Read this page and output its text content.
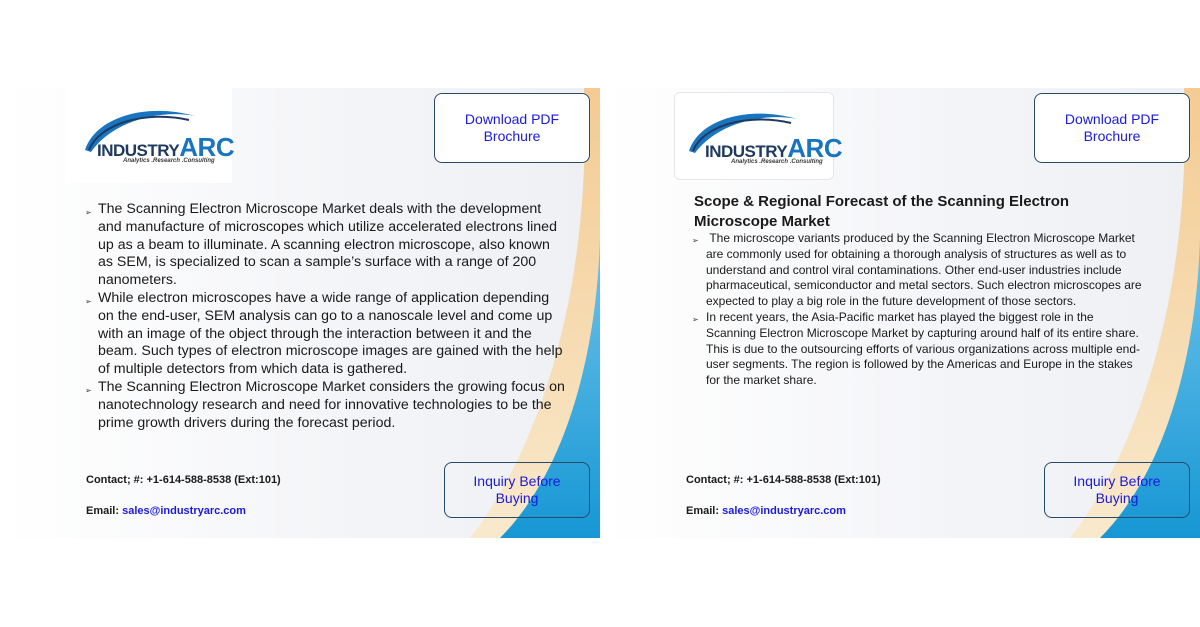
INDUSTRYARC
Analytics .Research .Consulting
Download PDF Brochure
➢ The Scanning Electron Microscope Market deals with the development and manufacture of microscopes which utilize accelerated electrons lined up as a beam to illuminate. A scanning electron microscope, also known as SEM, is specialized to scan a sample’s surface with a range of 200 nanometers.
➢ While electron microscopes have a wide range of application depending on the end-user, SEM analysis can go to a nanoscale level and come up with an image of the object through the interaction between it and the beam. Such types of electron microscope images are gained with the help of multiple detectors from which data is gathered.
➢ The Scanning Electron Microscope Market considers the growing focus on nanotechnology research and need for innovative technologies to be the prime growth drivers during the forecast period.
Contact; #: +1-614-588-8538 (Ext:101)
Email: sales@industryarc.com
Inquiry Before Buying
INDUSTRYARC
Analytics .Research .Consulting
Download PDF Brochure
Scope & Regional Forecast of the Scanning Electron Microscope Market
➢ The microscope variants produced by the Scanning Electron Microscope Market are commonly used for obtaining a thorough analysis of structures as well as to understand and control viral contaminations. Other end-user industries include pharmaceutical, semiconductor and metal sectors. Such electron microscopes are expected to play a big role in the future development of those sectors.
➢ In recent years, the Asia-Pacific market has played the biggest role in the Scanning Electron Microscope Market by capturing around half of its entire share. This is due to the outsourcing efforts of various organizations across multiple end-user segments. The region is followed by the Americas and Europe in the stakes for the market share.
Contact; #: +1-614-588-8538 (Ext:101)
Email: sales@industryarc.com
Inquiry Before Buying
